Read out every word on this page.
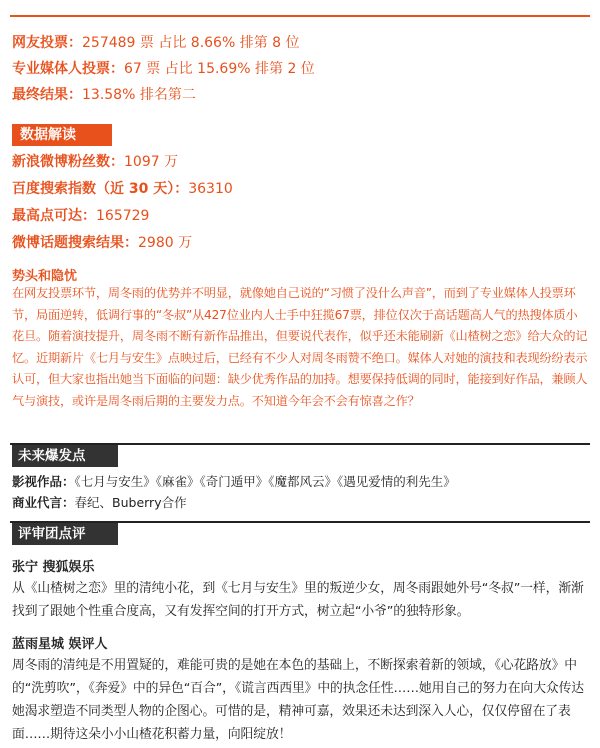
网友投票：257489 票 占比 8.66% 排第 8 位
专业媒体人投票：67 票 占比 15.69% 排第 2 位
最终结果：13.58% 排名第二
数据解读
新浪微博粉丝数：1097 万
百度搜索指数（近 30 天）：36310
最高点可达：165729
微博话题搜索结果：2980 万
势头和隐忧
在网友投票环节，周冬雨的优势并不明显，就像她自己说的“习惯了没什么声音”，而到了专业媒体人投票环节，局面逆转，低调行事的“冬叔”从427位业内人士手中狂揽67票，排位仅次于高话题高人气的热搜体质小花旦。随着演技提升，周冬雨不断有新作品推出，但要说代表作，似乎还未能刷新《山楂树之恋》给大众的记忆。近期新片《七月与安生》点映过后，已经有不少人对周冬雨赞不绝口。媒体人对她的演技和表现纷纷表示认可，但大家也指出她当下面临的问题：缺少优秀作品的加持。想要保持低调的同时，能接到好作品，兼顾人气与演技，或许是周冬雨后期的主要发力点。不知道今年会不会有惊喜之作？
未来爆发点
影视作品：《七月与安生》《麻雀》《奇门遁甲》《魔都风云》《遇见爱情的利先生》
商业代言：春纪、Buberry合作
评审团点评
张宁 搜狐娱乐
从《山楂树之恋》里的清纯小花，到《七月与安生》里的叛逆少女，周冬雨跟她外号“冬叔”一样，渐渐找到了跟她个性重合度高，又有发挥空间的打开方式，树立起“小爷”的独特形象。
蓝雨星城 娱评人
周冬雨的清纯是不用置疑的，难能可贵的是她在本色的基础上，不断探索着新的领域，《心花路放》中的“洗剪吹”，《奔爱》中的异色“百合”，《谎言西西里》中的执念任性……她用自己的努力在向大众传达她渴求塑造不同类型人物的企图心。可惜的是，精神可嘉，效果还未达到深入人心，仅仅停留在了表面……期待这朵小小山楂花积蓄力量，向阳绽放！
